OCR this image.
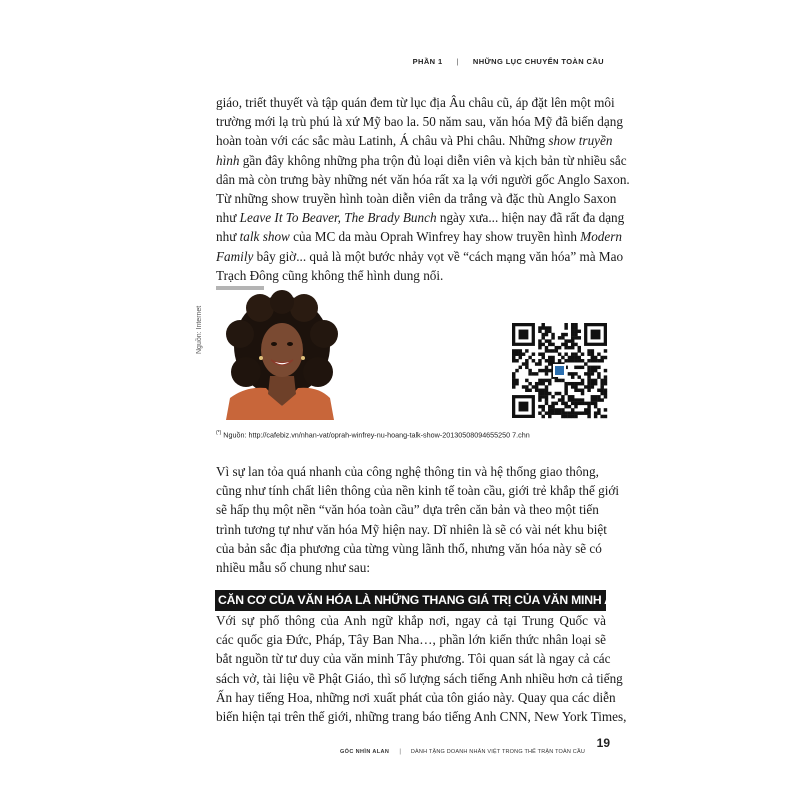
PHẦN 1 | NHỮNG LỤC CHUYỂN TOÀN CẦU
giáo, triết thuyết và tập quán đem từ lục địa Âu châu cũ, áp đặt lên một môi
trường mới lạ trù phú là xứ Mỹ bao la. 50 năm sau, văn hóa Mỹ đã biến dạng
hoàn toàn với các sắc màu Latinh, Á châu và Phi châu. Những show truyền
hình gần đây không những pha trộn đủ loại diễn viên và kịch bản từ nhiều sắc
dân mà còn trưng bày những nét văn hóa rất xa lạ với người gốc Anglo Saxon.
Từ những show truyền hình toàn diễn viên da trắng và đặc thù Anglo Saxon
như Leave It To Beaver, The Brady Bunch ngày xưa... hiện nay đã rất đa dạng
như talk show của MC da màu Oprah Winfrey hay show truyền hình Modern
Family bây giờ... quả là một bước nhảy vọt về “cách mạng văn hóa” mà Mao
Trạch Đông cũng không thể hình dung nổi.
Nguồn: Internet
(*) Nguồn: http://cafebiz.vn/nhan-vat/oprah-winfrey-nu-hoang-talk-show-20130508094655250 7.chn
Vì sự lan tỏa quá nhanh của công nghệ thông tin và hệ thống giao thông,
cũng như tính chất liên thông của nền kinh tế toàn cầu, giới trẻ khắp thế giới
sẽ hấp thụ một nền “văn hóa toàn cầu” dựa trên căn bản và theo một tiến
trình tương tự như văn hóa Mỹ hiện nay. Dĩ nhiên là sẽ có vài nét khu biệt
của bản sắc địa phương của từng vùng lãnh thổ, nhưng văn hóa này sẽ có
nhiều mẫu số chung như sau:
CĂN CƠ CỦA VĂN HÓA LÀ NHỮNG THANG GIÁ TRỊ CỦA VĂN MINH ANGLO SAXON
Với sự phổ thông của Anh ngữ khắp nơi, ngay cả tại Trung Quốc và
các quốc gia Đức, Pháp, Tây Ban Nha…, phần lớn kiến thức nhân loại sẽ
bắt nguồn từ tư duy của văn minh Tây phương. Tôi quan sát là ngay cả các
sách vở, tài liệu về Phật Giáo, thì số lượng sách tiếng Anh nhiều hơn cả tiếng
Ấn hay tiếng Hoa, những nơi xuất phát của tôn giáo này. Quay qua các diễn
biến hiện tại trên thế giới, những trang báo tiếng Anh CNN, New York Times,
GÓC NHÌN ALAN | DÀNH TẶNG DOANH NHÂN VIỆT TRONG THẾ TRẬN TOÀN CẦU
19
